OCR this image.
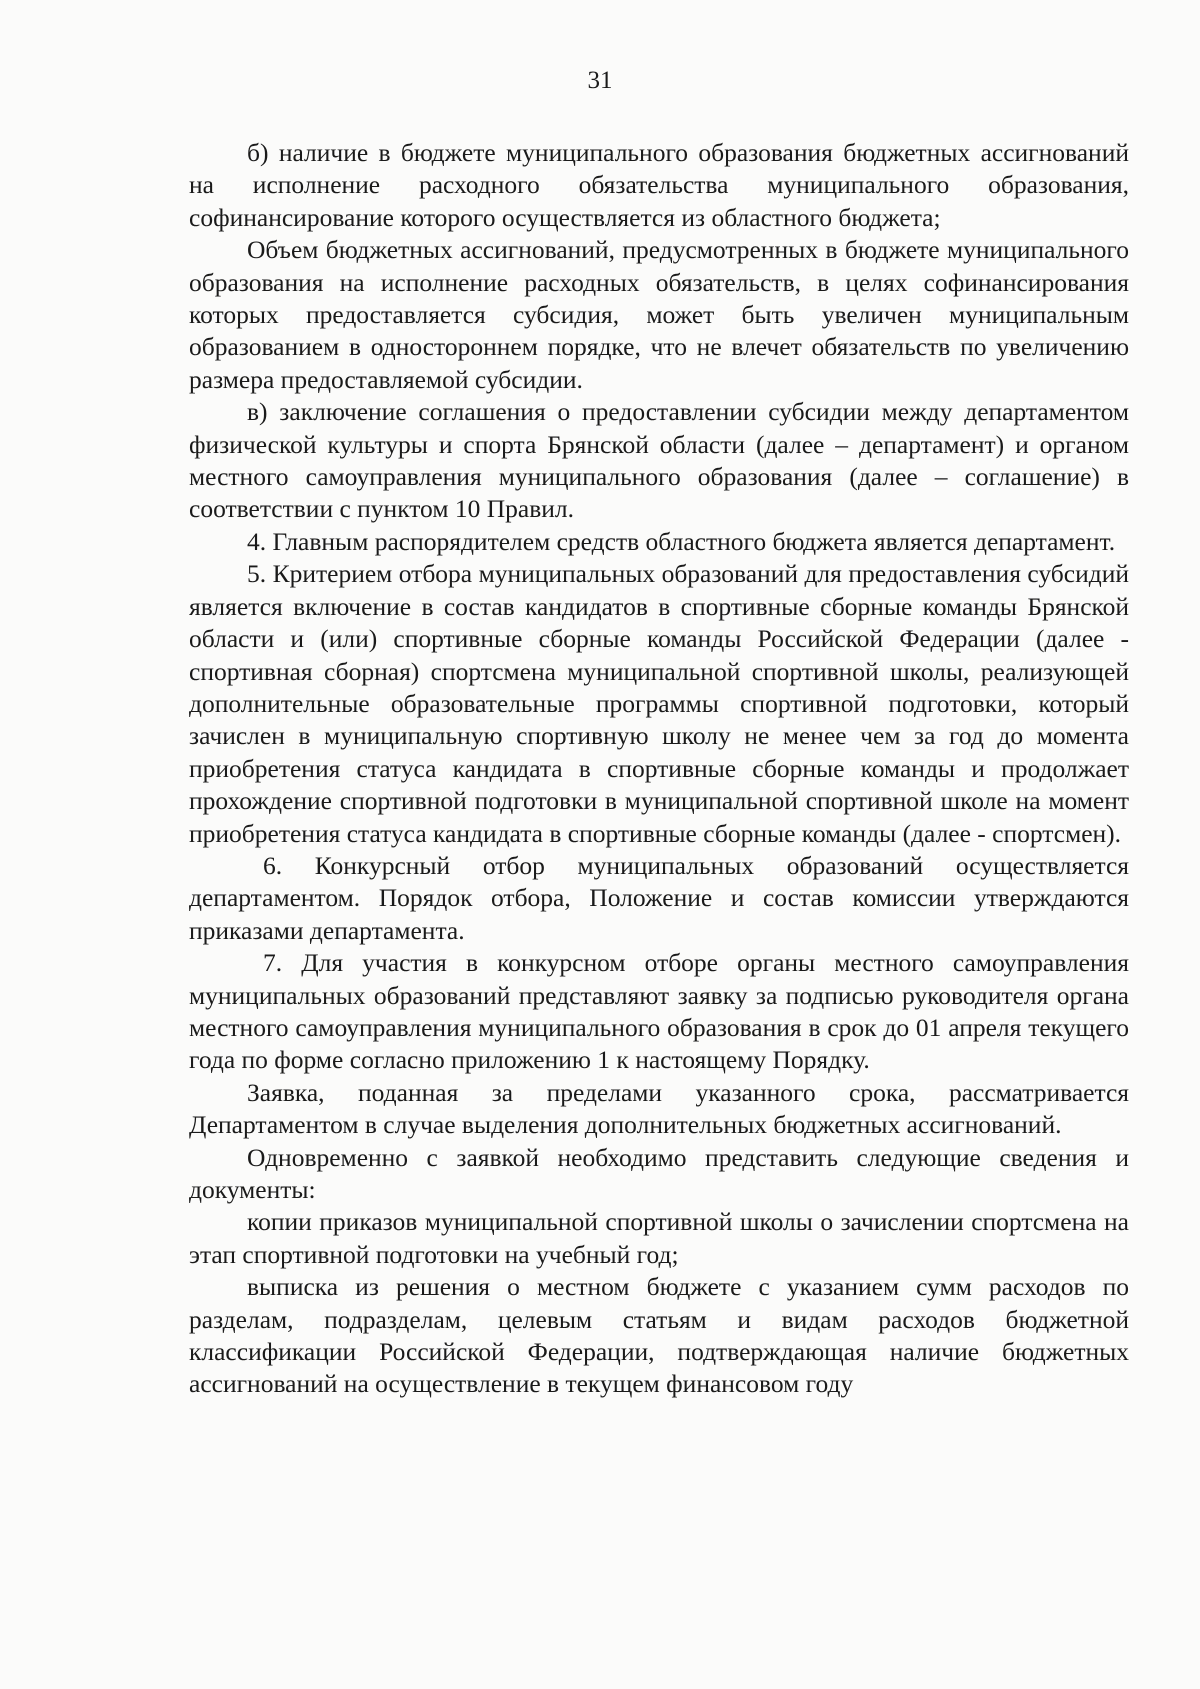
31

б) наличие в бюджете муниципального образования бюджетных ассигнований на исполнение расходного обязательства муниципального образования, софинансирование которого осуществляется из областного бюджета;

Объем бюджетных ассигнований, предусмотренных в бюджете муниципального образования на исполнение расходных обязательств, в целях софинансирования которых предоставляется субсидия, может быть увеличен муниципальным образованием в одностороннем порядке, что не влечет обязательств по увеличению размера предоставляемой субсидии.

в) заключение соглашения о предоставлении субсидии между департаментом физической культуры и спорта Брянской области (далее – департамент) и органом местного самоуправления муниципального образования (далее – соглашение) в соответствии с пунктом 10 Правил.

4. Главным распорядителем средств областного бюджета является департамент.

5. Критерием отбора муниципальных образований для предоставления субсидий является включение в состав кандидатов в спортивные сборные команды Брянской области и (или) спортивные сборные команды Российской Федерации (далее - спортивная сборная) спортсмена муниципальной спортивной школы, реализующей дополнительные образовательные программы спортивной подготовки, который зачислен в муниципальную спортивную школу не менее чем за год до момента приобретения статуса кандидата в спортивные сборные команды и продолжает прохождение спортивной подготовки в муниципальной спортивной школе на момент приобретения статуса кандидата в спортивные сборные команды (далее - спортсмен).

6. Конкурсный отбор муниципальных образований осуществляется департаментом. Порядок отбора, Положение и состав комиссии утверждаются приказами департамента.

7. Для участия в конкурсном отборе органы местного самоуправления муниципальных образований представляют заявку за подписью руководителя органа местного самоуправления муниципального образования в срок до 01 апреля текущего года по форме согласно приложению 1 к настоящему Порядку.

Заявка, поданная за пределами указанного срока, рассматривается Департаментом в случае выделения дополнительных бюджетных ассигнований.

Одновременно с заявкой необходимо представить следующие сведения и документы:

копии приказов муниципальной спортивной школы о зачислении спортсмена на этап спортивной подготовки на учебный год;

выписка из решения о местном бюджете с указанием сумм расходов по разделам, подразделам, целевым статьям и видам расходов бюджетной классификации Российской Федерации, подтверждающая наличие бюджетных ассигнований на осуществление в текущем финансовом году
